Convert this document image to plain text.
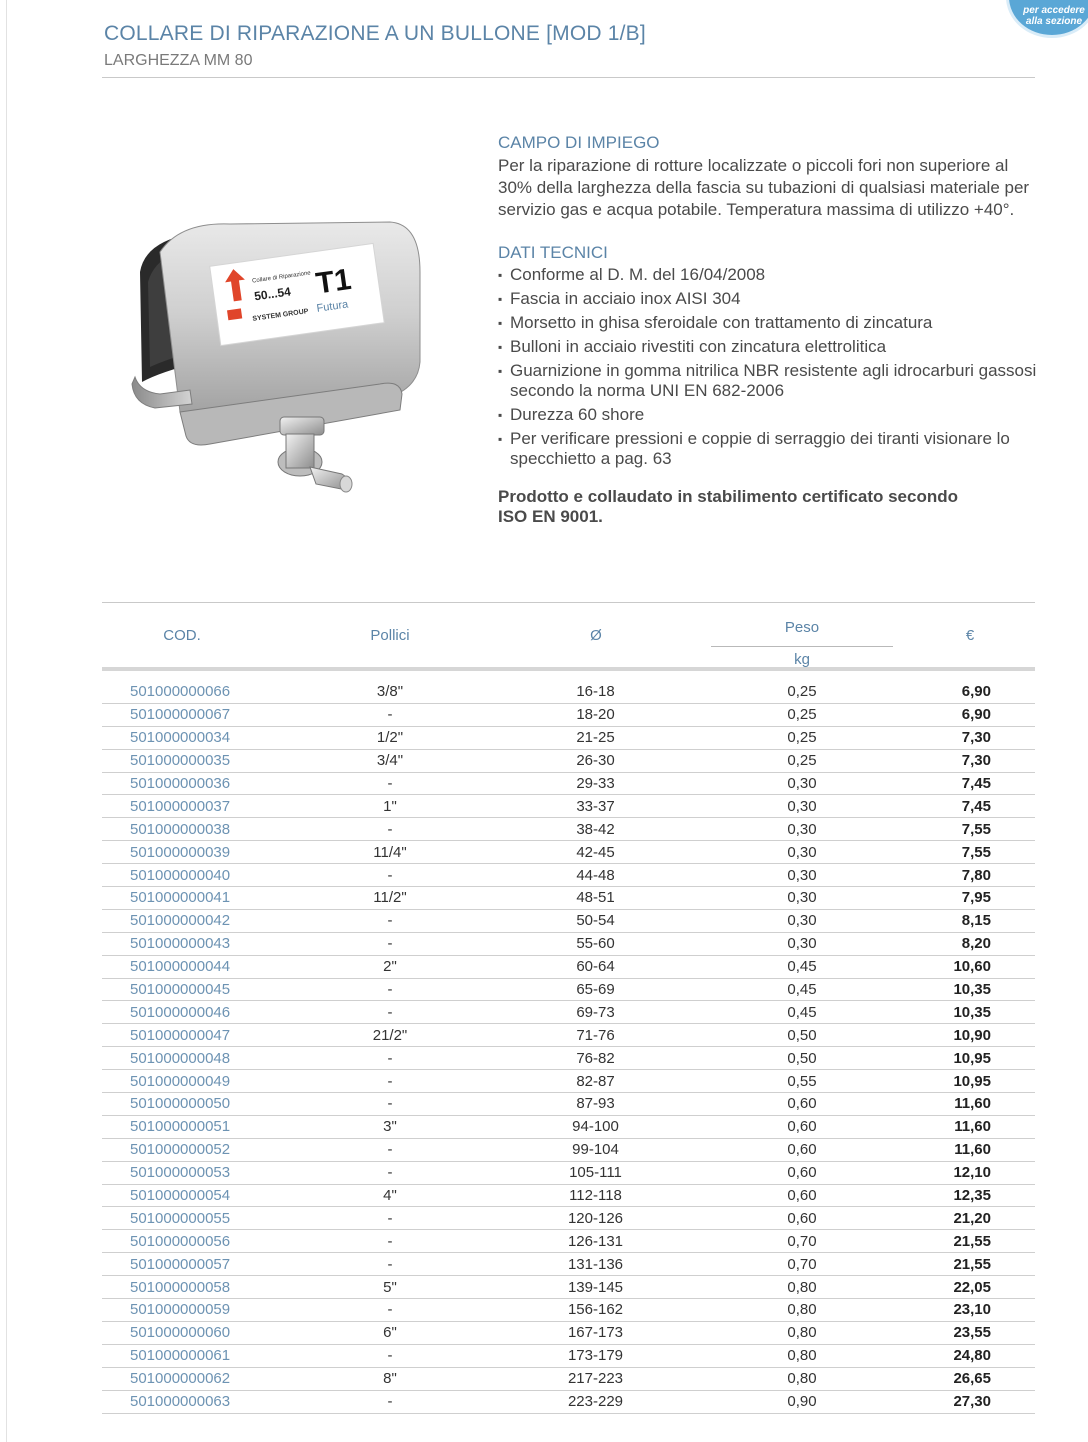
per accedere
alla sezione
COLLARE DI RIPARAZIONE A UN BULLONE [MOD 1/B]
LARGHEZZA MM 80
Collare di Riparazione
50...54 T1
SYSTEM GROUP
Futura
CAMPO DI IMPIEGO

Per la riparazione di rotture localizzate o piccoli fori non superiore al 30% della larghezza della fascia su tubazioni di qualsiasi materiale per servizio gas e acqua potabile. Temperatura massima di utilizzo +40°.

DATI TECNICI
▪ Conforme al D. M. del 16/04/2008
▪ Fascia in acciaio inox AISI 304
▪ Morsetto in ghisa sferoidale con trattamento di zincatura
▪ Bulloni in acciaio rivestiti con zincatura elettrolitica
▪ Guarnizione in gomma nitrilica NBR resistente agli idrocarburi gassosi secondo la norma UNI EN 682-2006
▪ Durezza 60 shore
▪ Per verificare pressioni e coppie di serraggio dei tiranti visionare lo specchietto a pag. 63
Prodotto e collaudato in stabilimento certificato secondo ISO EN 9001.
COD.	Pollici	Ø	Peso
kg
€
501000000066	3/8"	16-18	0,25	6,90
501000000067	-	18-20	0,25	6,90
501000000034	1/2"	21-25	0,25	7,30
501000000035	3/4"	26-30	0,25	7,30
501000000036	-	29-33	0,30	7,45
501000000037	1"	33-37	0,30	7,45
501000000038	-	38-42	0,30	7,55
501000000039	11/4"	42-45	0,30	7,55
501000000040	-	44-48	0,30	7,80
501000000041	11/2"	48-51	0,30	7,95
501000000042	-	50-54	0,30	8,15
501000000043	-	55-60	0,30	8,20
501000000044	2"	60-64	0,45	10,60
501000000045	-	65-69	0,45	10,35
501000000046	-	69-73	0,45	10,35
501000000047	21/2"	71-76	0,50	10,90
501000000048	-	76-82	0,50	10,95
501000000049	-	82-87	0,55	10,95
501000000050	-	87-93	0,60	11,60
501000000051	3"	94-100	0,60	11,60
501000000052	-	99-104	0,60	11,60
501000000053	-	105-111	0,60	12,10
501000000054	4"	112-118	0,60	12,35
501000000055	-	120-126	0,60	21,20
501000000056	-	126-131	0,70	21,55
501000000057	-	131-136	0,70	21,55
501000000058	5"	139-145	0,80	22,05
501000000059	-	156-162	0,80	23,10
501000000060	6"	167-173	0,80	23,55
501000000061	-	173-179	0,80	24,80
501000000062	8"	217-223	0,80	26,65
501000000063	-	223-229	0,90	27,30
